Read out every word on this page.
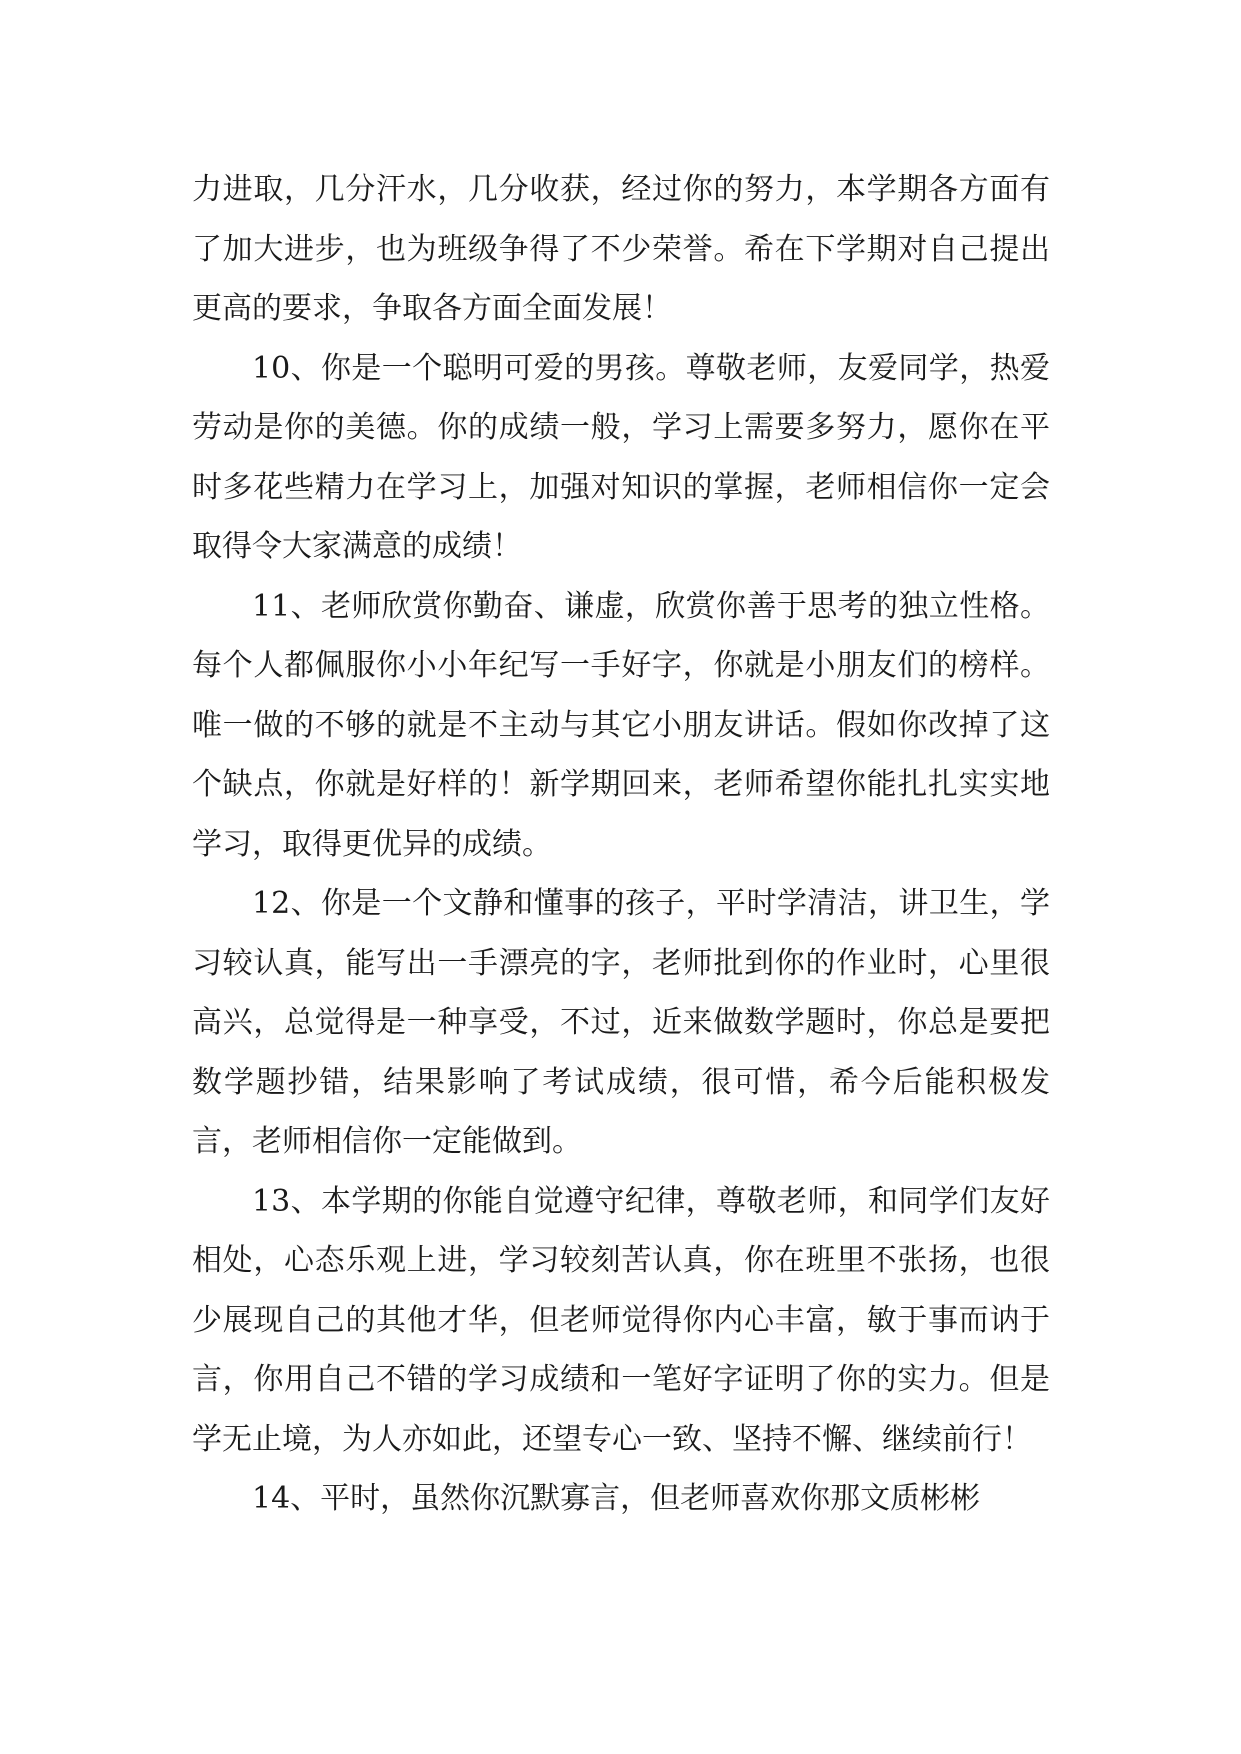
力进取，几分汗水，几分收获，经过你的努力，本学期各方面有了加大进步，也为班级争得了不少荣誉。希在下学期对自己提出更高的要求，争取各方面全面发展！

10、你是一个聪明可爱的男孩。尊敬老师，友爱同学，热爱劳动是你的美德。你的成绩一般，学习上需要多努力，愿你在平时多花些精力在学习上，加强对知识的掌握，老师相信你一定会取得令大家满意的成绩！

11、老师欣赏你勤奋、谦虚，欣赏你善于思考的独立性格。每个人都佩服你小小年纪写一手好字，你就是小朋友们的榜样。唯一做的不够的就是不主动与其它小朋友讲话。假如你改掉了这个缺点，你就是好样的！新学期回来，老师希望你能扎扎实实地学习，取得更优异的成绩。

12、你是一个文静和懂事的孩子，平时学清洁，讲卫生，学习较认真，能写出一手漂亮的字，老师批到你的作业时，心里很高兴，总觉得是一种享受，不过，近来做数学题时，你总是要把数学题抄错，结果影响了考试成绩，很可惜，希今后能积极发言，老师相信你一定能做到。

13、本学期的你能自觉遵守纪律，尊敬老师，和同学们友好相处，心态乐观上进，学习较刻苦认真，你在班里不张扬，也很少展现自己的其他才华，但老师觉得你内心丰富，敏于事而讷于言，你用自己不错的学习成绩和一笔好字证明了你的实力。但是学无止境，为人亦如此，还望专心一致、坚持不懈、继续前行！

14、平时，虽然你沉默寡言，但老师喜欢你那文质彬彬
